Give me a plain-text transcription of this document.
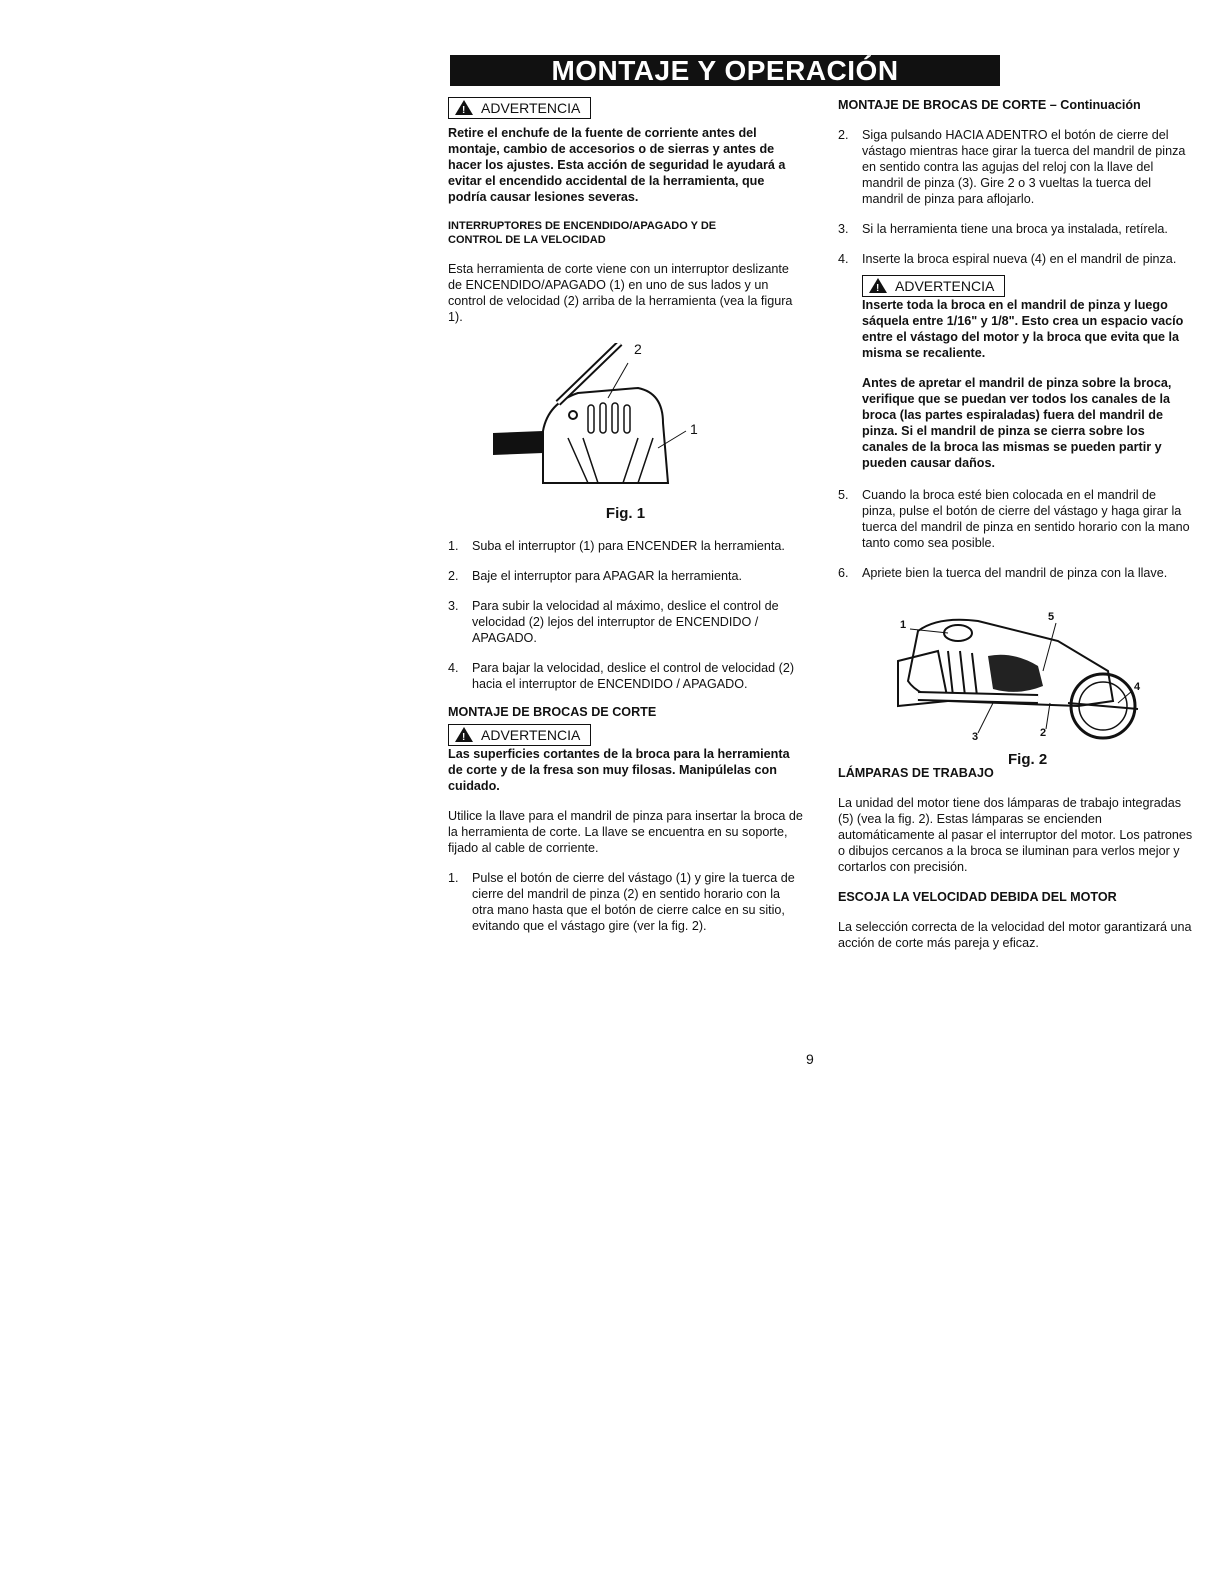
MONTAJE Y OPERACIÓN
!ADVERTENCIA
Retire el enchufe de la fuente de corriente antes del montaje, cambio de accesorios o de sierras y antes de hacer los ajustes. Esta acción de seguridad le ayudará a evitar el encendido accidental de la herramienta, que podría causar lesiones severas.
INTERRUPTORES DE ENCENDIDO/APAGADO Y DE CONTROL DE LA VELOCIDAD

Esta herramienta de corte viene con un interruptor deslizante de ENCENDIDO/APAGADO (1) en uno de sus lados y un control de velocidad (2) arriba de la herramienta (vea la figura 1).

2
1
Fig. 1
1. Suba el interruptor (1) para ENCENDER la herramienta.
2. Baje el interruptor para APAGAR la herramienta.
3. Para subir la velocidad al máximo, deslice el control de velocidad (2) lejos del interruptor de ENCENDIDO / APAGADO.
4. Para bajar la velocidad, deslice el control de velocidad (2) hacia el interruptor de ENCENDIDO / APAGADO.
MONTAJE DE BROCAS DE CORTE
!ADVERTENCIA
Las superficies cortantes de la broca para la herramienta de corte y de la fresa son muy filosas. Manipúlelas con cuidado.

Utilice la llave para el mandril de pinza para insertar la broca de la herramienta de corte. La llave se encuentra en su soporte, fijado al cable de corriente.

1. Pulse el botón de cierre del vástago (1) y gire la tuerca de cierre del mandril de pinza (2) en sentido horario con la otra mano hasta que el botón de cierre calce en su sitio, evitando que el vástago gire (ver la fig. 2).
MONTAJE DE BROCAS DE CORTE – Continuación
2. Siga pulsando HACIA ADENTRO el botón de cierre del vástago mientras hace girar la tuerca del mandril de pinza en sentido contra las agujas del reloj con la llave del mandril de pinza (3). Gire 2 o 3 vueltas la tuerca del mandril de pinza para aflojarlo.
3. Si la herramienta tiene una broca ya instalada, retírela.
4. Inserte la broca espiral nueva (4) en el mandril de pinza.
!ADVERTENCIA
Inserte toda la broca en el mandril de pinza y luego sáquela entre 1/16" y 1/8". Esto crea un espacio vacío entre el vástago del motor y la broca que evita que la misma se recaliente.
Antes de apretar el mandril de pinza sobre la broca, verifique que se puedan ver todos los canales de la broca (las partes espiraladas) fuera del mandril de pinza. Si el mandril de pinza se cierra sobre los canales de la broca las mismas se pueden partir y pueden causar daños.
5. Cuando la broca esté bien colocada en el mandril de pinza, pulse el botón de cierre del vástago y haga girar la tuerca del mandril de pinza en sentido horario con la mano tanto como sea posible.
6. Apriete bien la tuerca del mandril de pinza con la llave.
1
5
4
3	2
Fig. 2
LÁMPARAS DE TRABAJO

La unidad del motor tiene dos lámparas de trabajo integradas (5) (vea la fig. 2). Estas lámparas se encienden automáticamente al pasar el interruptor del motor. Los patrones o dibujos cercanos a la broca se iluminan para verlos mejor y cortarlos con precisión.

ESCOJA LA VELOCIDAD DEBIDA DEL MOTOR

La selección correcta de la velocidad del motor garantizará una acción de corte más pareja y eficaz.

9
